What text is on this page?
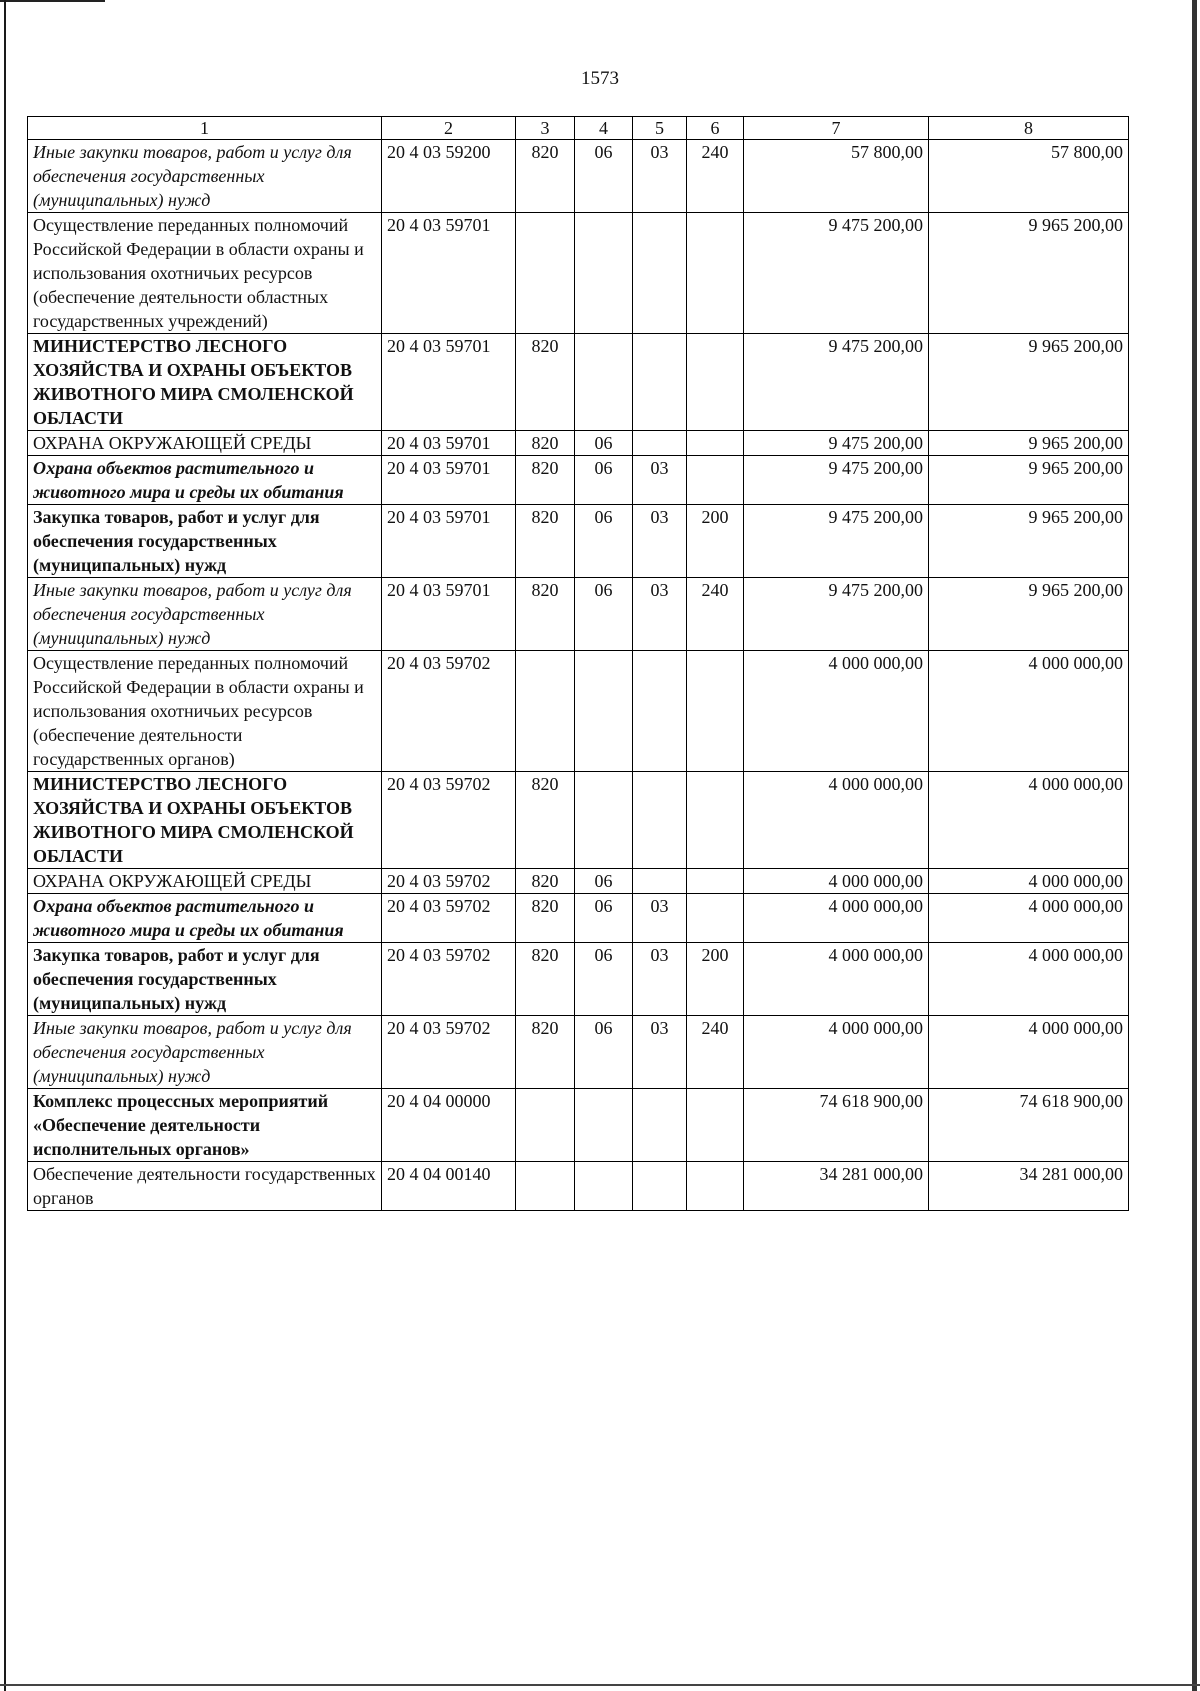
1573
1	2	3	4	5	6	7	8
Иные закупки товаров, работ и услуг для обеспечения государственных (муниципальных) нужд	20 4 03 59200	820	06	03	240	57 800,00	57 800,00
Осуществление переданных полномочий Российской Федерации в области охраны и использования охотничьих ресурсов (обеспечение деятельности областных государственных учреждений)	20 4 03 59701					9 475 200,00	9 965 200,00
МИНИСТЕРСТВО ЛЕСНОГО ХОЗЯЙСТВА И ОХРАНЫ ОБЪЕКТОВ ЖИВОТНОГО МИРА СМОЛЕНСКОЙ ОБЛАСТИ	20 4 03 59701	820				9 475 200,00	9 965 200,00
ОХРАНА ОКРУЖАЮЩЕЙ СРЕДЫ	20 4 03 59701	820	06			9 475 200,00	9 965 200,00
Охрана объектов растительного и животного мира и среды их обитания	20 4 03 59701	820	06	03		9 475 200,00	9 965 200,00
Закупка товаров, работ и услуг для обеспечения государственных (муниципальных) нужд	20 4 03 59701	820	06	03	200	9 475 200,00	9 965 200,00
Иные закупки товаров, работ и услуг для обеспечения государственных (муниципальных) нужд	20 4 03 59701	820	06	03	240	9 475 200,00	9 965 200,00
Осуществление переданных полномочий Российской Федерации в области охраны и использования охотничьих ресурсов (обеспечение деятельности государственных органов)	20 4 03 59702					4 000 000,00	4 000 000,00
МИНИСТЕРСТВО ЛЕСНОГО ХОЗЯЙСТВА И ОХРАНЫ ОБЪЕКТОВ ЖИВОТНОГО МИРА СМОЛЕНСКОЙ ОБЛАСТИ	20 4 03 59702	820				4 000 000,00	4 000 000,00
ОХРАНА ОКРУЖАЮЩЕЙ СРЕДЫ	20 4 03 59702	820	06			4 000 000,00	4 000 000,00
Охрана объектов растительного и животного мира и среды их обитания	20 4 03 59702	820	06	03		4 000 000,00	4 000 000,00
Закупка товаров, работ и услуг для обеспечения государственных (муниципальных) нужд	20 4 03 59702	820	06	03	200	4 000 000,00	4 000 000,00
Иные закупки товаров, работ и услуг для обеспечения государственных (муниципальных) нужд	20 4 03 59702	820	06	03	240	4 000 000,00	4 000 000,00
Комплекс процессных мероприятий «Обеспечение деятельности исполнительных органов»	20 4 04 00000					74 618 900,00	74 618 900,00
Обеспечение деятельности государственных органов	20 4 04 00140					34 281 000,00	34 281 000,00
